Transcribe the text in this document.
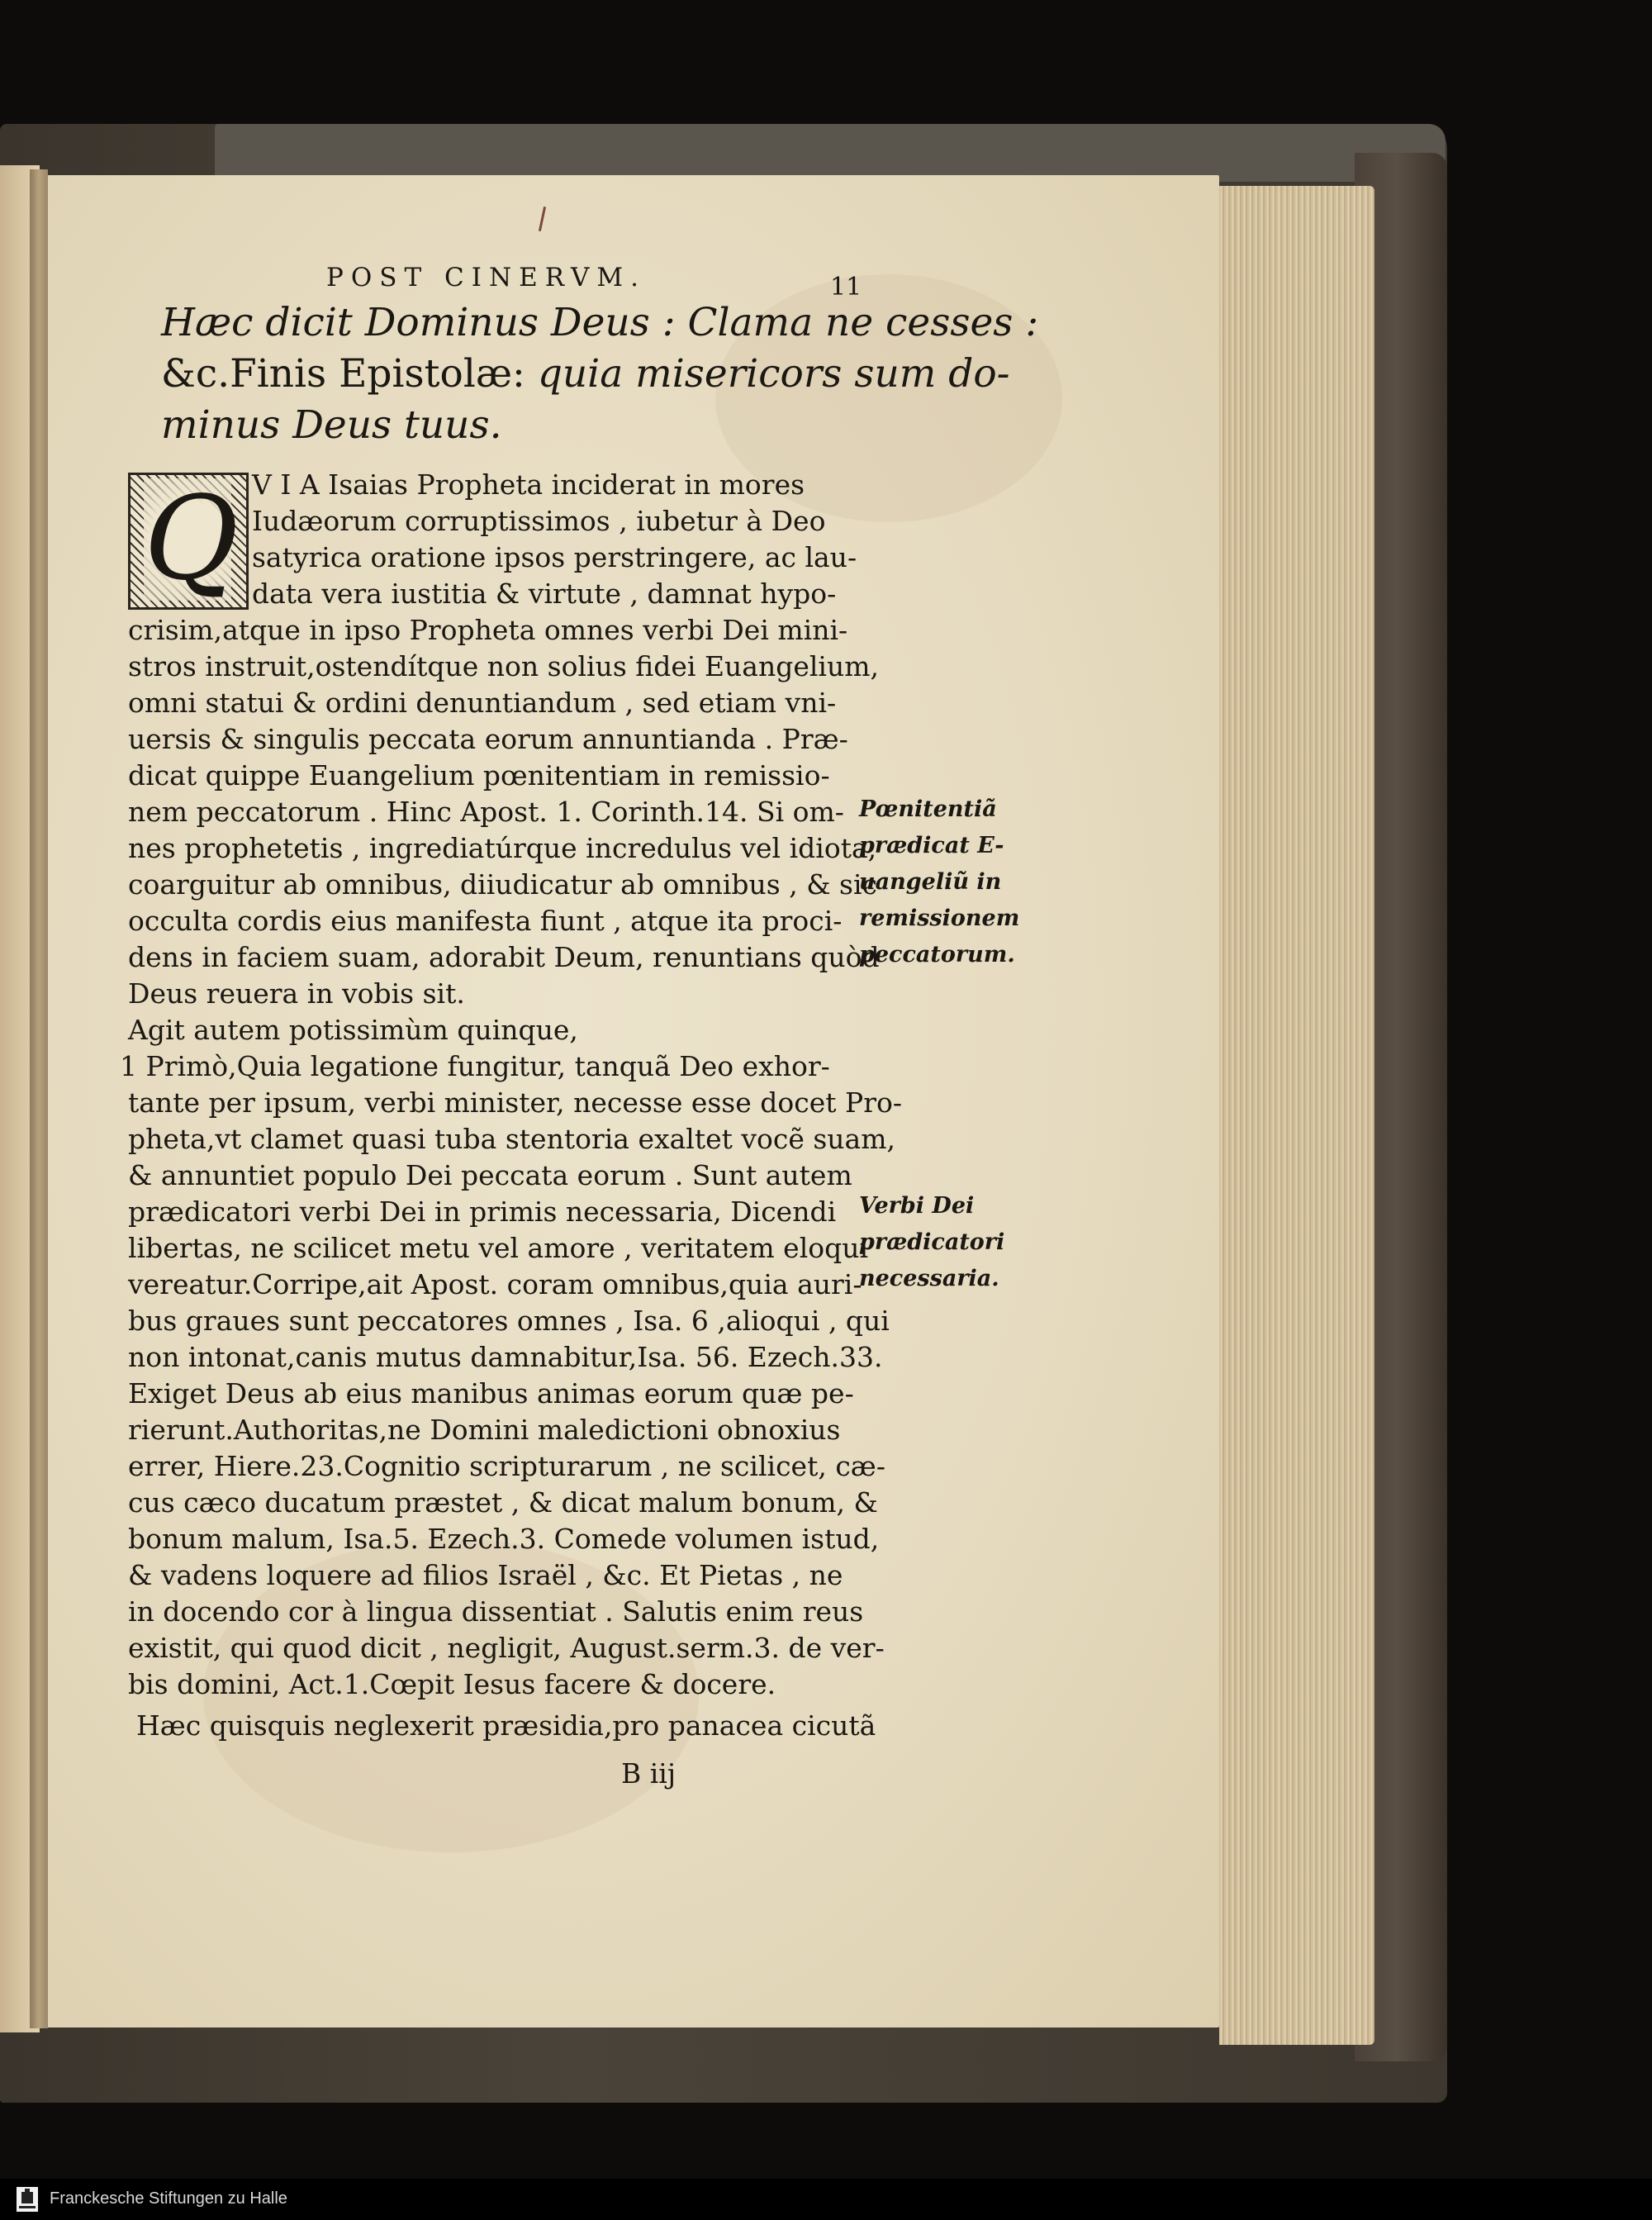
POST CINERVM.	11
Hæc dicit Dominus Deus : Clama ne cesses :
&c.Finis Epistolæ: quia misericors sum do-
minus Deus tuus.
Q V I A Isaias Propheta inciderat in mores
Iudæorum corruptissimos , iubetur à Deo
satyrica oratione ipsos perstringere, ac lau-
data vera iustitia & virtute , damnat hypo-
crisim,atque in ipso Propheta omnes verbi Dei mini-
stros instruit,ostendítque non solius fidei Euangelium,
omni statui & ordini denuntiandum , sed etiam vni-
uersis & singulis peccata eorum annuntianda . Præ-
dicat quippe Euangelium pœnitentiam in remissio-
nem peccatorum . Hinc Apost. 1. Corinth.14. Si om-
nes prophetetis , ingrediatúrque incredulus vel idiota,
coarguitur ab omnibus, diiudicatur ab omnibus , & sic
occulta cordis eius manifesta fiunt , atque ita proci-
dens in faciem suam, adorabit Deum, renuntians quòd
Deus reuera in vobis sit.
Agit autem potissimùm quinque,
1 Primò,Quia legatione fungitur, tanquã Deo exhor-
tante per ipsum, verbi minister, necesse esse docet Pro-
pheta,vt clamet quasi tuba stentoria exaltet vocẽ suam,
& annuntiet populo Dei peccata eorum . Sunt autem
prædicatori verbi Dei in primis necessaria, Dicendi
libertas, ne scilicet metu vel amore , veritatem eloqui
vereatur.Corripe,ait Apost. coram omnibus,quia auri-
bus graues sunt peccatores omnes , Isa. 6 ,alioqui , qui
non intonat,canis mutus damnabitur,Isa. 56. Ezech.33.
Exiget Deus ab eius manibus animas eorum quæ pe-
rierunt.Authoritas,ne Domini maledictioni obnoxius
errer, Hiere.23.Cognitio scripturarum , ne scilicet, cæ-
cus cæco ducatum præstet , & dicat malum bonum, &
bonum malum, Isa.5. Ezech.3. Comede volumen istud,
& vadens loquere ad filios Israël , &c. Et Pietas , ne
in docendo cor à lingua dissentiat . Salutis enim reus
existit, qui quod dicit , negligit, August.serm.3. de ver-
bis domini, Act.1.Cœpit Iesus facere & docere.
Hæc quisquis neglexerit præsidia,pro panacea cicutã
Pœnitentiã
prædicat E-
uangeliũ in
remissionem
peccatorum.
Verbi Dei
prædicatori
necessaria.
B iij
Franckesche Stiftungen zu Halle
